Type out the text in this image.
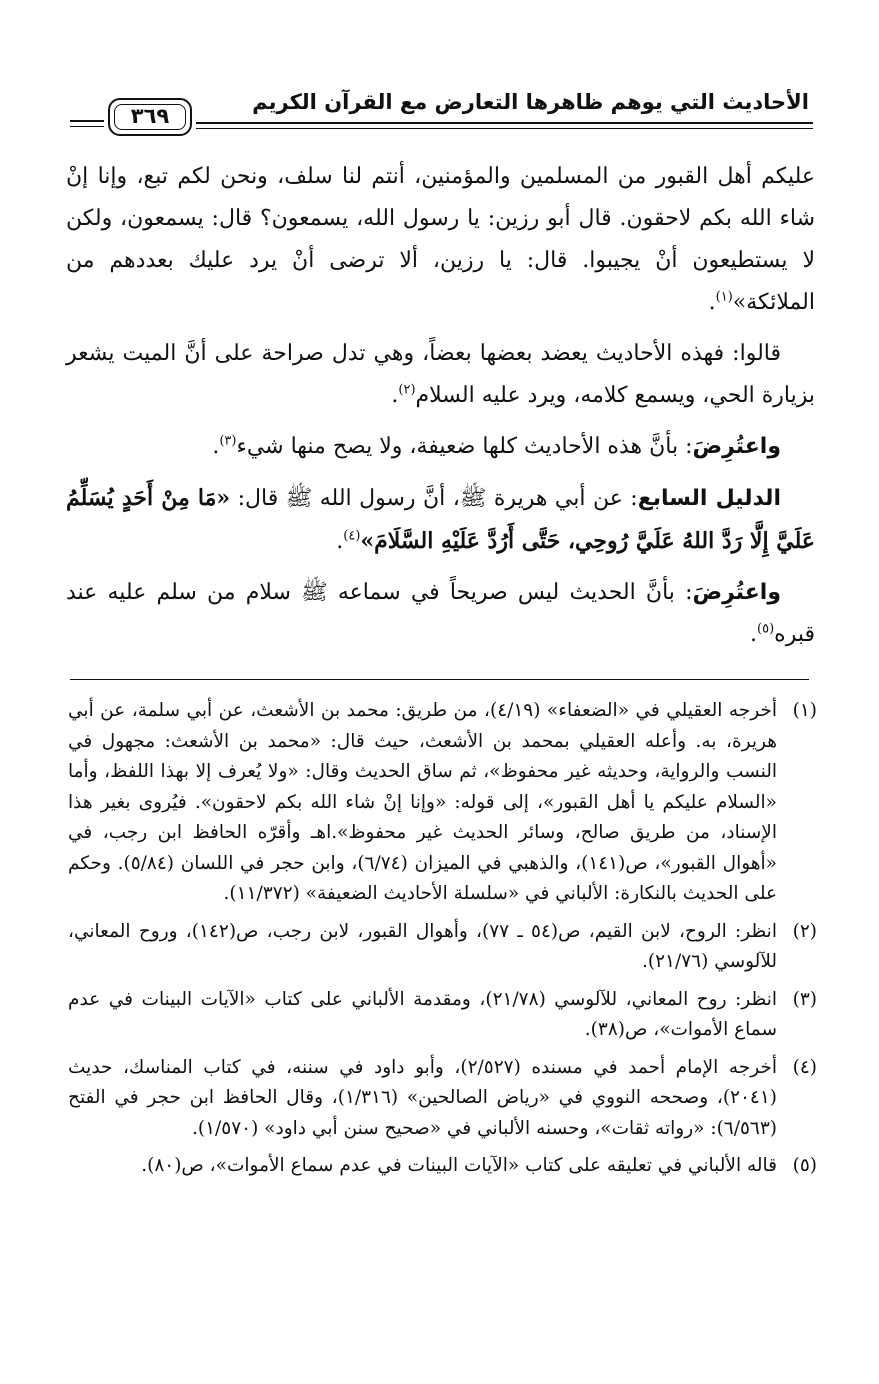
الأحاديث التي يوهم ظاهرها التعارض مع القرآن الكريم
٣٦٩

عليكم أهل القبور من المسلمين والمؤمنين، أنتم لنا سلف، ونحن لكم تبع، وإنا إنْ شاء الله بكم لاحقون. قال أبو رزين: يا رسول الله، يسمعون؟ قال: يسمعون، ولكن لا يستطيعون أنْ يجيبوا. قال: يا رزين، ألا ترضى أنْ يرد عليك بعددهم من الملائكة»$^{(١)}$.

قالوا: فهذه الأحاديث يعضد بعضها بعضاً، وهي تدل صراحة على أنَّ الميت يشعر بزيارة الحي، ويسمع كلامه، ويرد عليه السلام$^{(٢)}$.

واعتُرِضَ: بأنَّ هذه الأحاديث كلها ضعيفة، ولا يصح منها شيء$^{(٣)}$.

الدليل السابع: عن أبي هريرة ﷺ، أنَّ رسول الله ﷺ قال: «مَا مِنْ أَحَدٍ يُسَلِّمُ عَلَيَّ إِلَّا رَدَّ اللهُ عَلَيَّ رُوحِي، حَتَّى أَرُدَّ عَلَيْهِ السَّلَامَ»$^{(٤)}$.

واعتُرِضَ: بأنَّ الحديث ليس صريحاً في سماعه ﷺ سلام من سلم عليه عند قبره$^{(٥)}$.

(١)
أخرجه العقيلي في «الضعفاء» (٤/١٩)، من طريق: محمد بن الأشعث، عن أبي سلمة، عن أبي هريرة، به. وأعله العقيلي بمحمد بن الأشعث، حيث قال: «محمد بن الأشعث: مجهول في النسب والرواية، وحديثه غير محفوظ»، ثم ساق الحديث وقال: «ولا يُعرف إلا بهذا اللفظ، وأما «السلام عليكم يا أهل القبور»، إلى قوله: «وإنا إنْ شاء الله بكم لاحقون». فيُروى بغير هذا الإسناد، من طريق صالح، وسائر الحديث غير محفوظ».اهـ وأقرّه الحافظ ابن رجب، في «أهوال القبور»، ص(١٤١)، والذهبي في الميزان (٦/٧٤)، وابن حجر في اللسان (٥/٨٤). وحكم على الحديث بالنكارة: الألباني في «سلسلة الأحاديث الضعيفة» (١١/٣٧٢).
(٢)
انظر: الروح، لابن القيم، ص(٥٤ ـ ٧٧)، وأهوال القبور، لابن رجب، ص(١٤٢)، وروح المعاني، للآلوسي (٢١/٧٦).
(٣)
انظر: روح المعاني، للآلوسي (٢١/٧٨)، ومقدمة الألباني على كتاب «الآيات البينات في عدم سماع الأموات»، ص(٣٨).
(٤)
أخرجه الإمام أحمد في مسنده (٢/٥٢٧)، وأبو داود في سننه، في كتاب المناسك، حديث (٢٠٤١)، وصححه النووي في «رياض الصالحين» (١/٣١٦)، وقال الحافظ ابن حجر في الفتح (٦/٥٦٣): «رواته ثقات»، وحسنه الألباني في «صحيح سنن أبي داود» (١/٥٧٠).
(٥)
قاله الألباني في تعليقه على كتاب «الآيات البينات في عدم سماع الأموات»، ص(٨٠).
